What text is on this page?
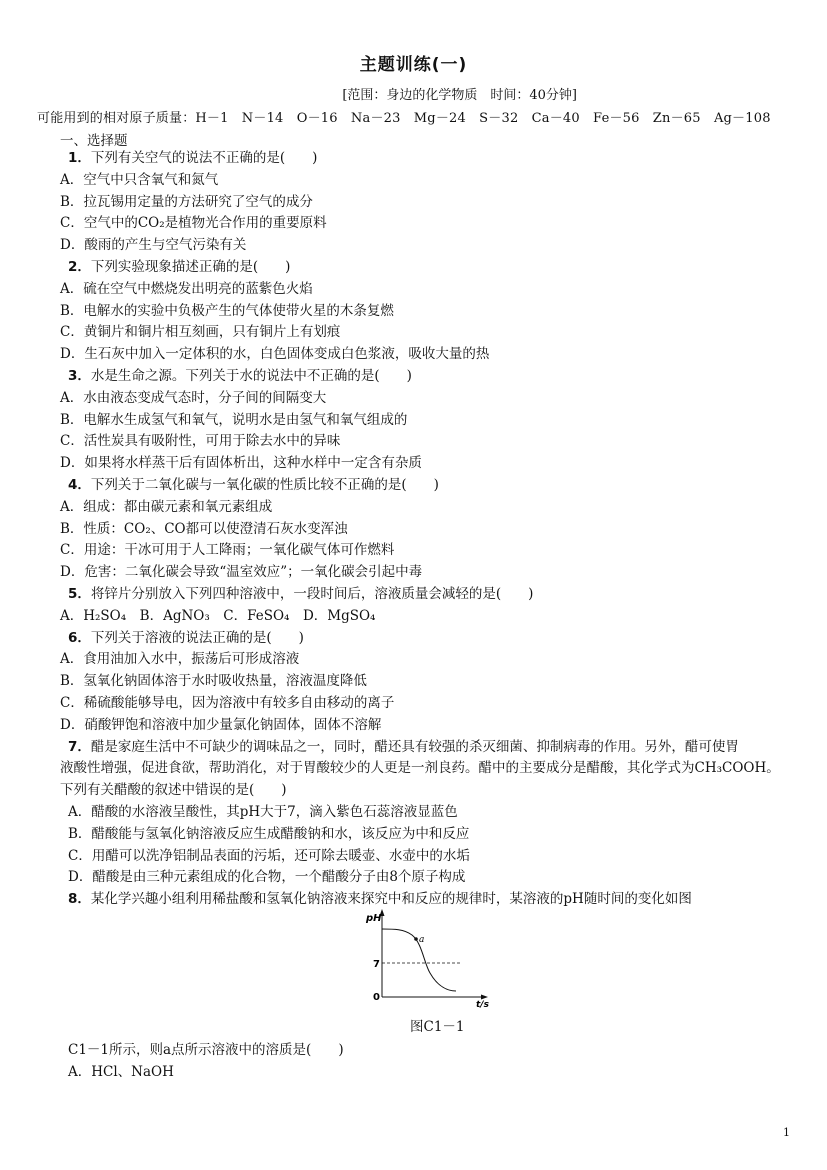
主题训练(一)
[范围：身边的化学物质　时间：40分钟]
可能用到的相对原子质量：H－1　N－14　O－16　Na－23　Mg－24　S－32　Ca－40　Fe－56　Zn－65　Ag－108
一、选择题

1．下列有关空气的说法不正确的是(　　)

A．空气中只含氧气和氮气

B．拉瓦锡用定量的方法研究了空气的成分

C．空气中的CO₂是植物光合作用的重要原料

D．酸雨的产生与空气污染有关

2．下列实验现象描述正确的是(　　)

A．硫在空气中燃烧发出明亮的蓝紫色火焰

B．电解水的实验中负极产生的气体使带火星的木条复燃

C．黄铜片和铜片相互刻画，只有铜片上有划痕

D．生石灰中加入一定体积的水，白色固体变成白色浆液，吸收大量的热

3．水是生命之源。下列关于水的说法中不正确的是(　　)

A．水由液态变成气态时，分子间的间隔变大

B．电解水生成氢气和氧气，说明水是由氢气和氧气组成的

C．活性炭具有吸附性，可用于除去水中的异味

D．如果将水样蒸干后有固体析出，这种水样中一定含有杂质

4．下列关于二氧化碳与一氧化碳的性质比较不正确的是(　　)

A．组成：都由碳元素和氧元素组成

B．性质：CO₂、CO都可以使澄清石灰水变浑浊

C．用途：干冰可用于人工降雨；一氧化碳气体可作燃料

D．危害：二氧化碳会导致“温室效应”；一氧化碳会引起中毒

5．将锌片分别放入下列四种溶液中，一段时间后，溶液质量会减轻的是(　　)

A．H₂SO₄　B．AgNO₃　C．FeSO₄　D．MgSO₄

6．下列关于溶液的说法正确的是(　　)

A．食用油加入水中，振荡后可形成溶液

B．氢氧化钠固体溶于水时吸收热量，溶液温度降低

C．稀硫酸能够导电，因为溶液中有较多自由移动的离子

D．硝酸钾饱和溶液中加少量氯化钠固体，固体不溶解

7．醋是家庭生活中不可缺少的调味品之一，同时，醋还具有较强的杀灭细菌、抑制病毒的作用。另外，醋可使胃

液酸性增强，促进食欲，帮助消化，对于胃酸较少的人更是一剂良药。醋中的主要成分是醋酸，其化学式为CH₃COOH。

下列有关醋酸的叙述中错误的是(　　)

A．醋酸的水溶液呈酸性，其pH大于7，滴入紫色石蕊溶液显蓝色

B．醋酸能与氢氧化钠溶液反应生成醋酸钠和水，该反应为中和反应

C．用醋可以洗净铝制品表面的污垢，还可除去暖壶、水壶中的水垢

D．醋酸是由三种元素组成的化合物，一个醋酸分子由8个原子构成

8．某化学兴趣小组利用稀盐酸和氢氧化钠溶液来探究中和反应的规律时，某溶液的pH随时间的变化如图

pH
t/s
7
0
a
图C1－1

C1－1所示，则a点所示溶液中的溶质是(　　)

A．HCl、NaOH

1
